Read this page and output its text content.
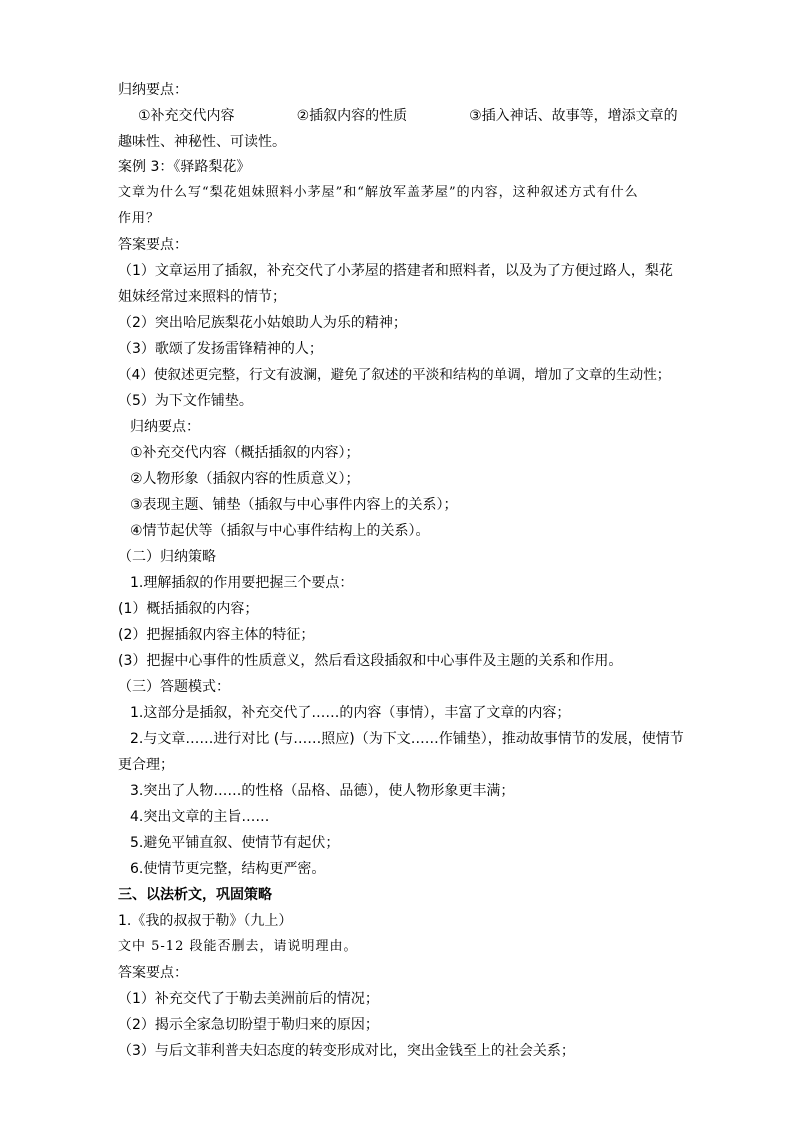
归纳要点：
①补充交代内容	②插叙内容的性质	③插入神话、故事等，增添文章的
趣味性、神秘性、可读性。
案例 3：《驿路梨花》
文章为什么写“梨花姐妹照料小茅屋”和“解放军盖茅屋”的内容，这种叙述方式有什么
作用？
答案要点：
（1）文章运用了插叙，补充交代了小茅屋的搭建者和照料者，以及为了方便过路人，梨花
姐妹经常过来照料的情节；
（2）突出哈尼族梨花小姑娘助人为乐的精神；
（3）歌颂了发扬雷锋精神的人；
（4）使叙述更完整，行文有波澜，避免了叙述的平淡和结构的单调，增加了文章的生动性；
（5）为下文作铺垫。
归纳要点：
①补充交代内容（概括插叙的内容）；
②人物形象（插叙内容的性质意义）；
③表现主题、铺垫（插叙与中心事件内容上的关系）；
④情节起伏等（插叙与中心事件结构上的关系）。
（二）归纳策略
1.理解插叙的作用要把握三个要点：
(1）概括插叙的内容；
(2）把握插叙内容主体的特征；
(3）把握中心事件的性质意义，然后看这段插叙和中心事件及主题的关系和作用。
（三）答题模式：
1.这部分是插叙，补充交代了……的内容（事情），丰富了文章的内容；
2.与文章……进行对比 (与……照应)（为下文……作铺垫），推动故事情节的发展，使情节
更合理；
3.突出了人物……的性格（品格、品德），使人物形象更丰满；
4.突出文章的主旨……
5.避免平铺直叙、使情节有起伏；
6.使情节更完整，结构更严密。
三、以法析文，巩固策略
1.《我的叔叔于勒》（九上）
文中 5-12 段能否删去，请说明理由。
答案要点：
（1）补充交代了于勒去美洲前后的情况；
（2）揭示全家急切盼望于勒归来的原因；
（3）与后文菲利普夫妇态度的转变形成对比，突出金钱至上的社会关系；
